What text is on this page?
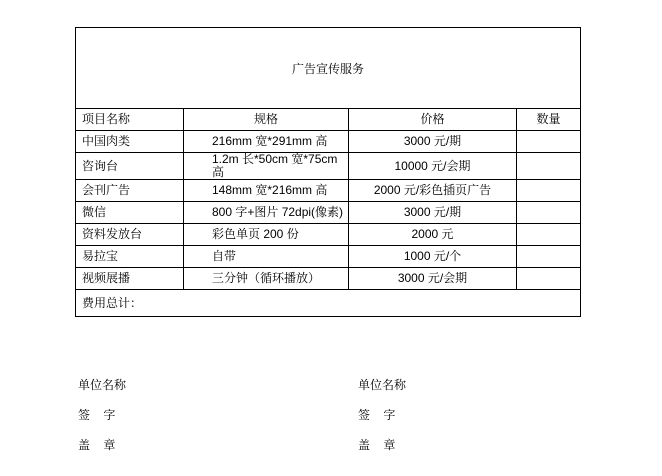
广告宣传服务			

项目名称	规格	价格	数量
中国肉类	216mm 宽*291mm 高	3000 元/期	
咨询台	1.2m 长*50cm 宽*75cm 高	10000 元/会期	
会刊广告	148mm 宽*216mm 高	2000 元/彩色插页广告	
微信	800 字+图片 72dpi(像素)	3000 元/期	
资料发放台	彩色单页 200 份	2000 元	
易拉宝	自带	1000 元/个	
视频展播	三分钟（循环播放）	3000 元/会期	
费用总计：			
单位名称
签    字
盖    章
单位名称
签    字
盖    章
